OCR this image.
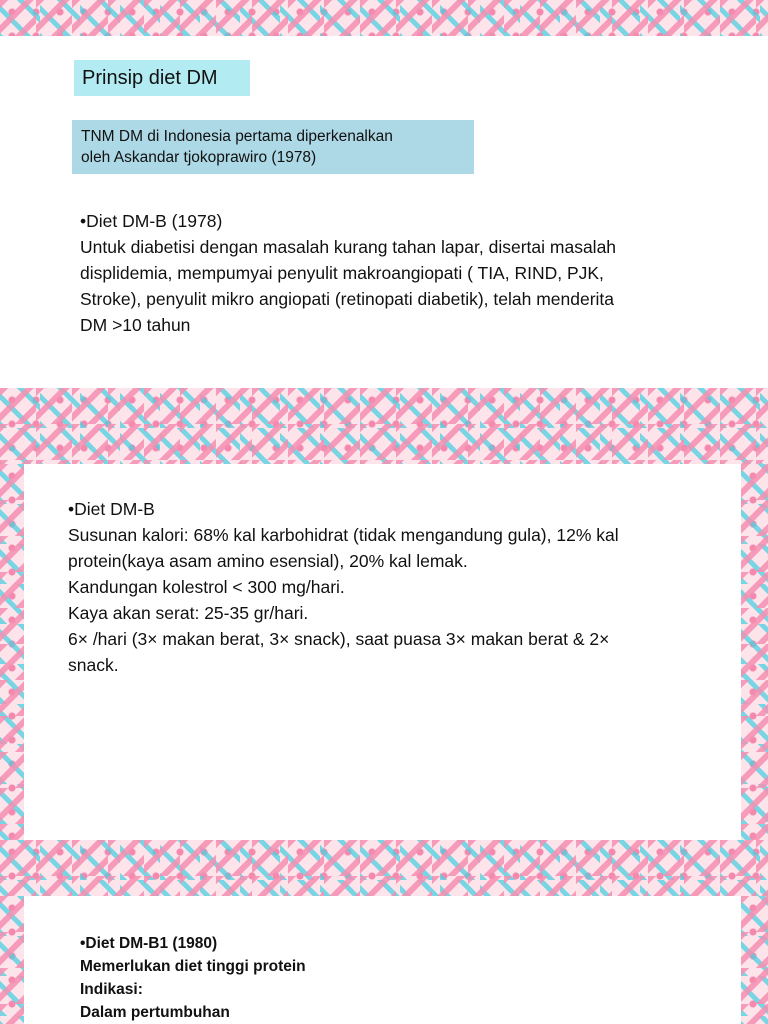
Prinsip diet DM
TNM DM di Indonesia pertama diperkenalkan
oleh Askandar tjokoprawiro (1978)
•Diet DM-B (1978)
Untuk diabetisi dengan masalah kurang tahan lapar, disertai masalah
displidemia, mempumyai penyulit makroangiopati ( TIA, RIND, PJK,
Stroke), penyulit mikro angiopati (retinopati diabetik), telah menderita
DM >10 tahun
•Diet DM-B
Susunan kalori: 68% kal karbohidrat (tidak mengandung gula), 12% kal
protein(kaya asam amino esensial), 20% kal lemak.
Kandungan kolestrol < 300 mg/hari.
Kaya akan serat: 25-35 gr/hari.
6× /hari (3× makan berat, 3× snack), saat puasa 3× makan berat & 2×
snack.
•Diet DM-B1 (1980)
Memerlukan diet tinggi protein
Indikasi:
Dalam pertumbuhan
